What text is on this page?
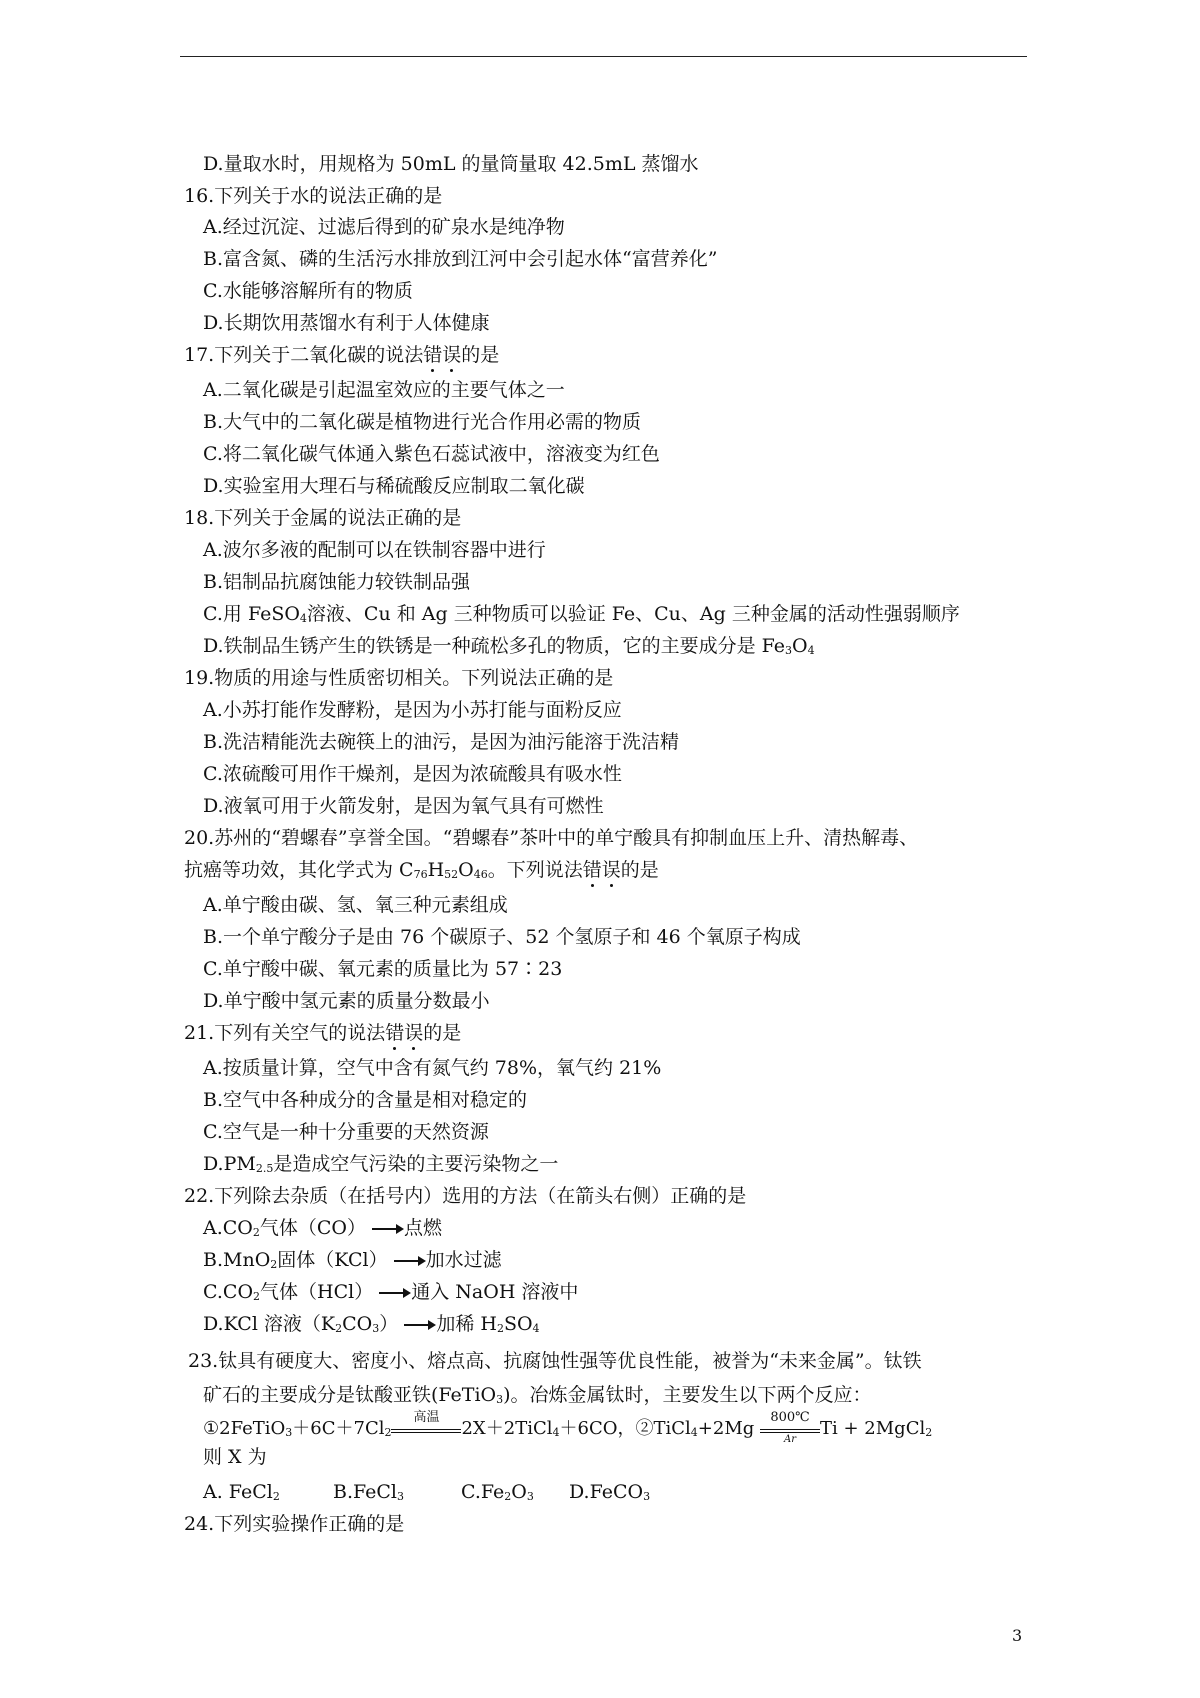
D.量取水时，用规格为 50mL 的量筒量取 42.5mL 蒸馏水
16.下列关于水的说法正确的是
A.经过沉淀、过滤后得到的矿泉水是纯净物
B.富含氮、磷的生活污水排放到江河中会引起水体“富营养化”
C.水能够溶解所有的物质
D.长期饮用蒸馏水有利于人体健康
17.下列关于二氧化碳的说法错误的是
A.二氧化碳是引起温室效应的主要气体之一
B.大气中的二氧化碳是植物进行光合作用必需的物质
C.将二氧化碳气体通入紫色石蕊试液中，溶液变为红色
D.实验室用大理石与稀硫酸反应制取二氧化碳
18.下列关于金属的说法正确的是
A.波尔多液的配制可以在铁制容器中进行
B.铝制品抗腐蚀能力较铁制品强
C.用 FeSO$_4$溶液、Cu 和 Ag 三种物质可以验证 Fe、Cu、Ag 三种金属的活动性强弱顺序
D.铁制品生锈产生的铁锈是一种疏松多孔的物质，它的主要成分是 $Fe_3O_4$
19.物质的用途与性质密切相关。下列说法正确的是
A.小苏打能作发酵粉，是因为小苏打能与面粉反应
B.洗洁精能洗去碗筷上的油污，是因为油污能溶于洗洁精
C.浓硫酸可用作干燥剂，是因为浓硫酸具有吸水性
D.液氧可用于火箭发射，是因为氧气具有可燃性
20.苏州的“碧螺春”享誉全国。“碧螺春”茶叶中的单宁酸具有抑制血压上升、清热解毒、
抗癌等功效，其化学式为 $C_{76}H_{52}O_{46}$。下列说法错误的是
A.单宁酸由碳、氢、氧三种元素组成
B.一个单宁酸分子是由 76 个碳原子、52 个氢原子和 46 个氧原子构成
C.单宁酸中碳、氧元素的质量比为 57∶23
D.单宁酸中氢元素的质量分数最小
21.下列有关空气的说法错误的是
A.按质量计算，空气中含有氮气约 78%，氧气约 21%
B.空气中各种成分的含量是相对稳定的
C.空气是一种十分重要的天然资源
$D.PM_{2.5}$是造成空气污染的主要污染物之一
22.下列除去杂质（在括号内）选用的方法（在箭头右侧）正确的是
$A.CO_2$气体（CO） 点燃
B.MnO$_2$固体（KCl） 加水过滤
$C.CO_2$气体（HCl） 通入 NaOH 溶液中
D.KCl 溶液$(K_2CO_3)$ 加稀 $H_2SO_4$
23.钛具有硬度大、密度小、熔点高、抗腐蚀性强等优良性能，被誉为“未来金属”。钛铁
矿石的主要成分是钛酸亚铁(FeTiO$_3$)。冶炼金属钛时，主要发生以下两个反应：
$①2FeTiO_3+6C+7Cl_2$
高温
2X＋2TiCl$_4$＋6CO，②TiCl$_4$+2Mg
800℃
Ar
Ti + 2MgCl$_2$
则 X 为
A. FeCl$_2$	B.FeCl$_3$	$C.Fe_2O_3$ D.FeCO$_3$
24.下列实验操作正确的是
3
